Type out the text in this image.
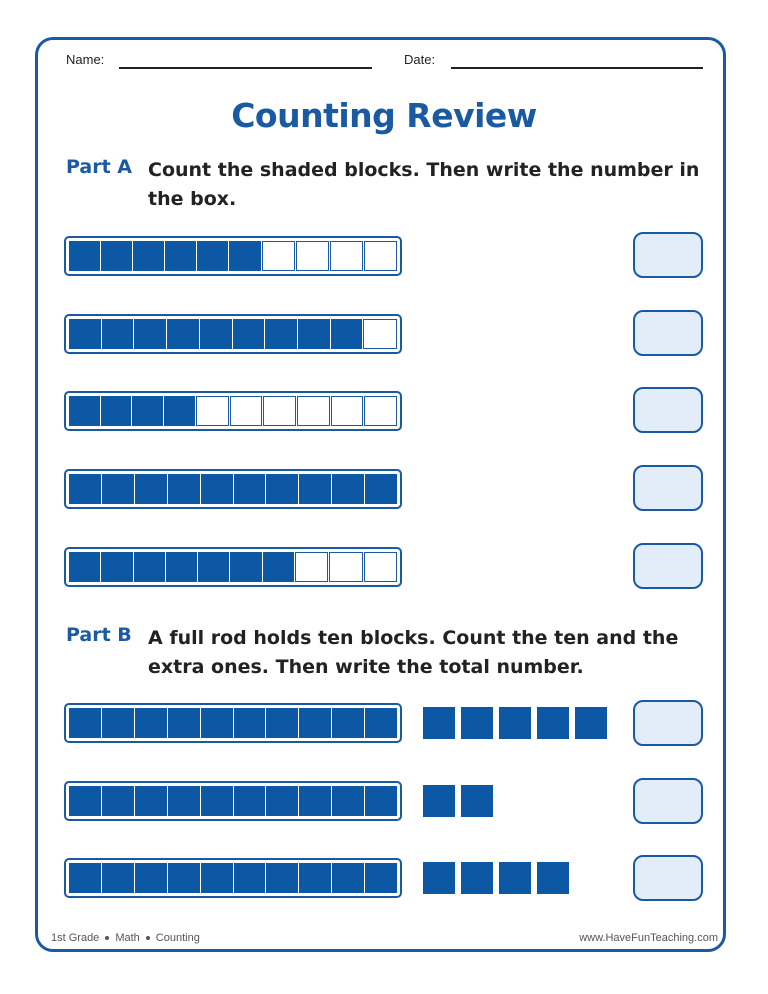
Name:	Date:
Counting Review
Part A Count the shaded blocks. Then write the number in the box.
Part B A full rod holds ten blocks. Count the ten and the extra ones. Then write the total number.
1st Grade Math Counting	www.HaveFunTeaching.com
